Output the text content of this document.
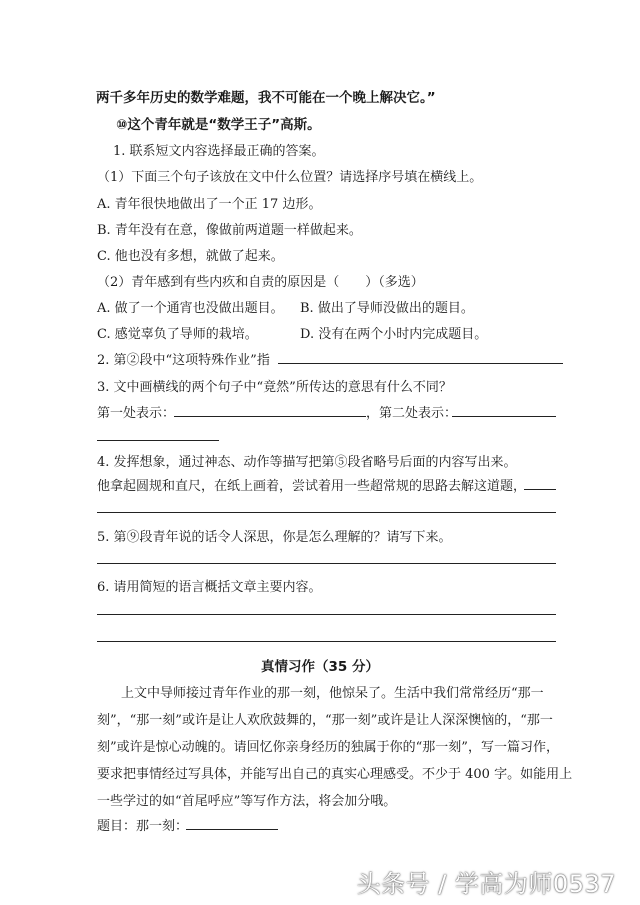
两千多年历史的数学难题，我不可能在一个晚上解决它。”
⑩这个青年就是“数学王子”高斯。
1. 联系短文内容选择最正确的答案。
（1）下面三个句子该放在文中什么位置？请选择序号填在横线上。
A. 青年很快地做出了一个正 17 边形。
B. 青年没有在意，像做前两道题一样做起来。
C. 他也没有多想，就做了起来。
（2）青年感到有些内疚和自责的原因是（　　）（多选）
A. 做了一个通宵也没做出题目。 B. 做出了导师没做出的题目。
C. 感觉辜负了导师的栽培。	D. 没有在两个小时内完成题目。
2. 第②段中“这项特殊作业”指
3. 文中画横线的两个句子中“竟然”所传达的意思有什么不同？
第一处表示：	，第二处表示：
4. 发挥想象，通过神态、动作等描写把第⑤段省略号后面的内容写出来。
他拿起圆规和直尺，在纸上画着，尝试着用一些超常规的思路去解这道题，
5. 第⑨段青年说的话令人深思，你是怎么理解的？请写下来。
6. 请用简短的语言概括文章主要内容。
真情习作（35 分）
上文中导师接过青年作业的那一刻，他惊呆了。生活中我们常常经历“那一
刻”，“那一刻”或许是让人欢欣鼓舞的，“那一刻”或许是让人深深懊恼的，“那一
刻”或许是惊心动魄的。请回忆你亲身经历的独属于你的“那一刻”，写一篇习作，
要求把事情经过写具体，并能写出自己的真实心理感受。不少于 400 字。如能用上
一些学过的如“首尾呼应”等写作方法，将会加分哦。
题目：那一刻：
头条号 / 学高为师0537
